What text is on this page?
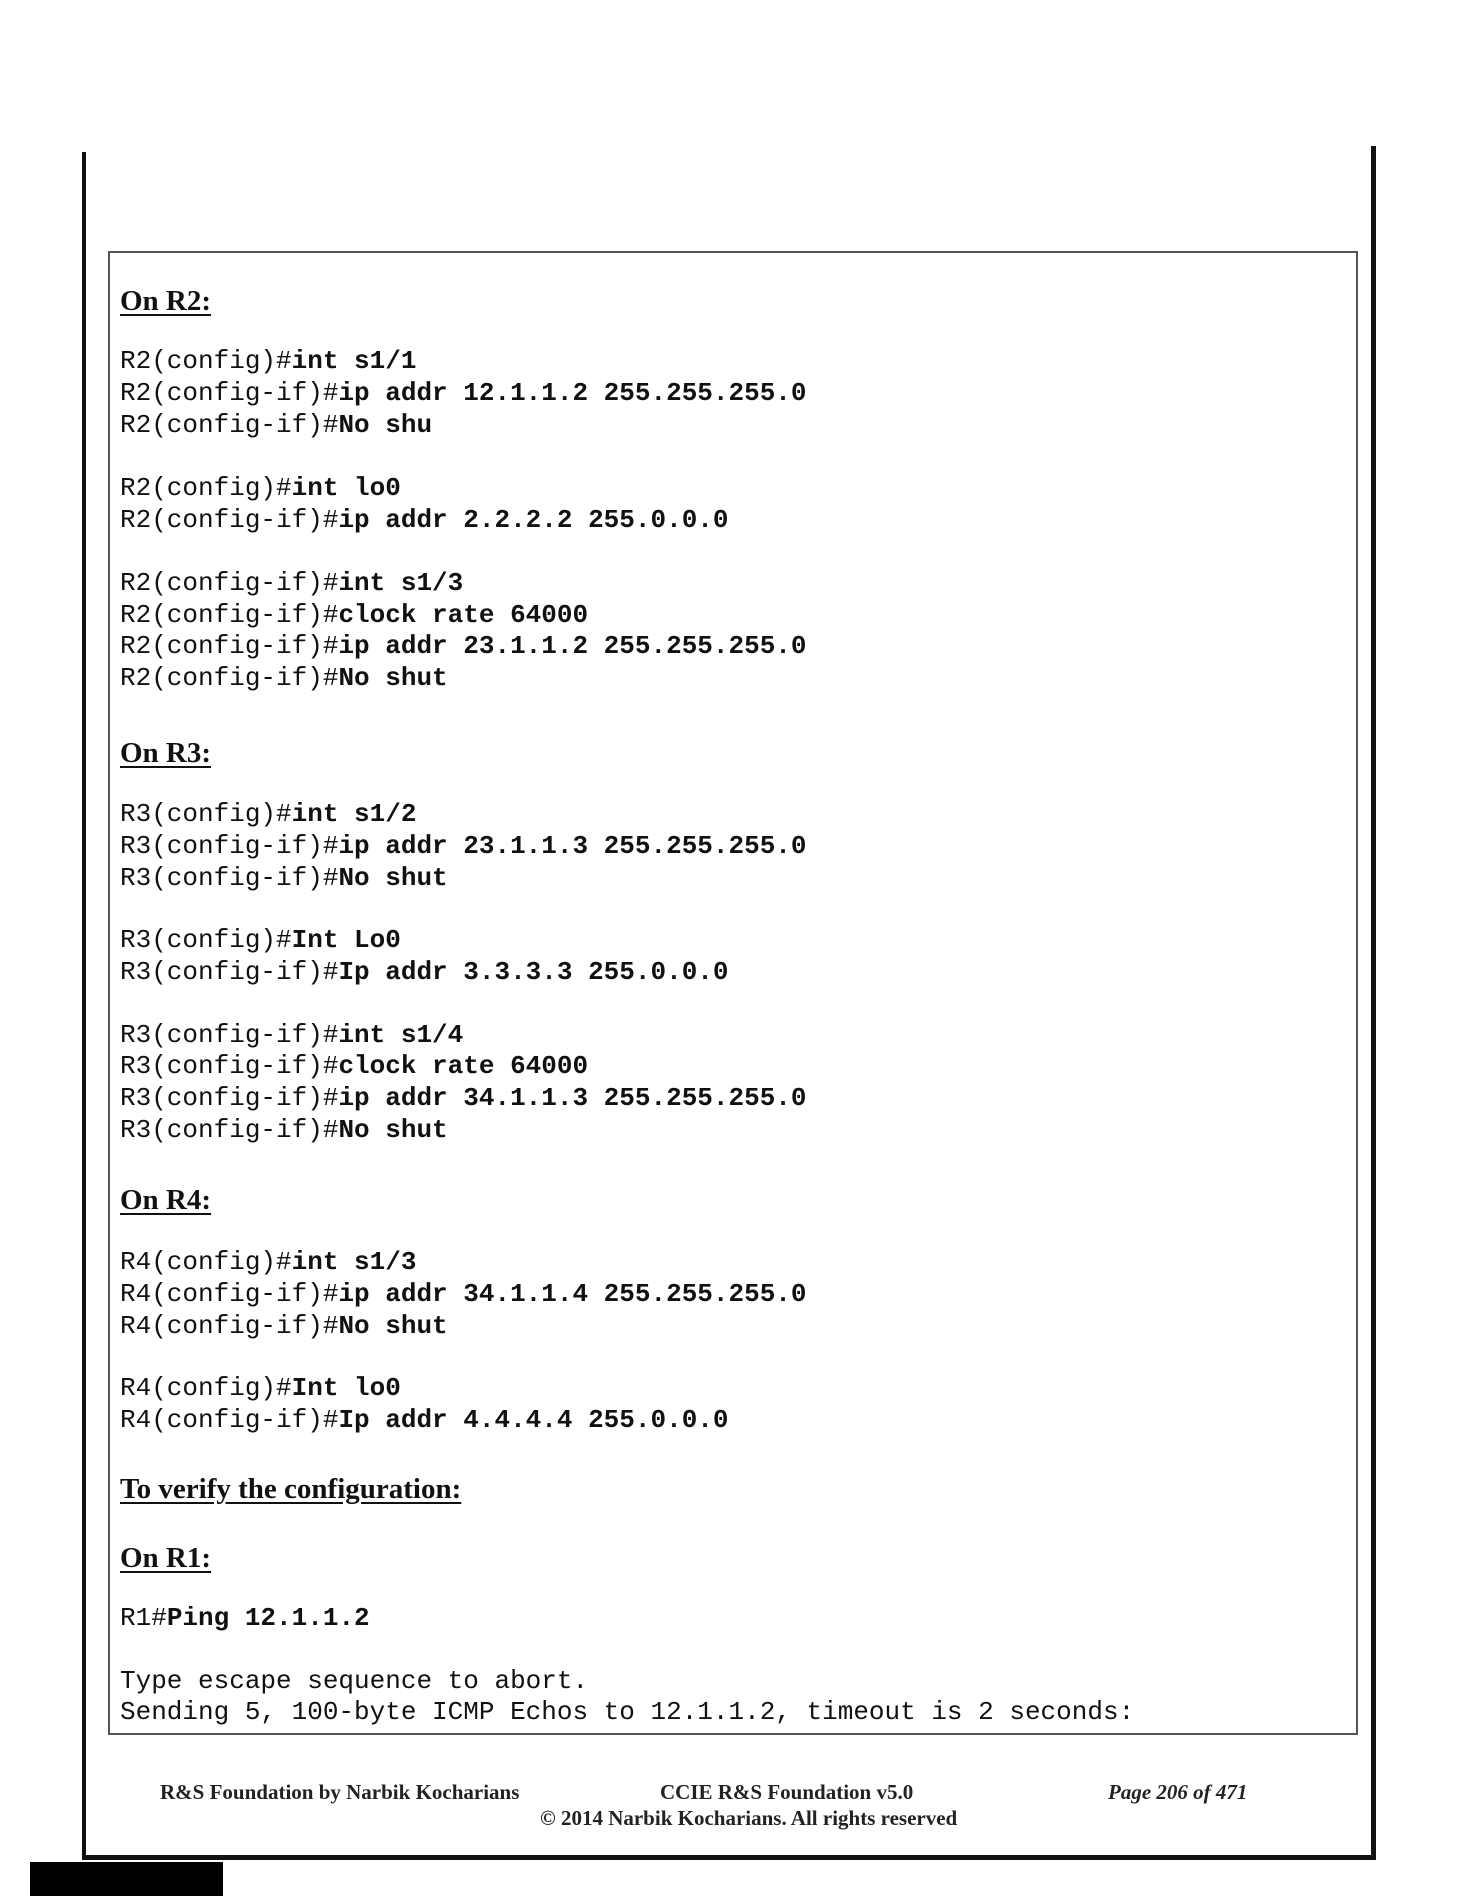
On R2:
R2(config)#int s1/1
R2(config-if)#ip addr 12.1.1.2 255.255.255.0
R2(config-if)#No shu
R2(config)#int lo0
R2(config-if)#ip addr 2.2.2.2 255.0.0.0
R2(config-if)#int s1/3
R2(config-if)#clock rate 64000
R2(config-if)#ip addr 23.1.1.2 255.255.255.0
R2(config-if)#No shut
On R3:
R3(config)#int s1/2
R3(config-if)#ip addr 23.1.1.3 255.255.255.0
R3(config-if)#No shut
R3(config)#Int Lo0
R3(config-if)#Ip addr 3.3.3.3 255.0.0.0
R3(config-if)#int s1/4
R3(config-if)#clock rate 64000
R3(config-if)#ip addr 34.1.1.3 255.255.255.0
R3(config-if)#No shut
On R4:
R4(config)#int s1/3
R4(config-if)#ip addr 34.1.1.4 255.255.255.0
R4(config-if)#No shut
R4(config)#Int lo0
R4(config-if)#Ip addr 4.4.4.4 255.0.0.0
To verify the configuration:
On R1:
R1#Ping 12.1.1.2
Type escape sequence to abort.
Sending 5, 100-byte ICMP Echos to 12.1.1.2, timeout is 2 seconds:
R&S Foundation by Narbik Kocharians	CCIE R&S Foundation v5.0	Page 206 of 471
© 2014 Narbik Kocharians. All rights reserved
